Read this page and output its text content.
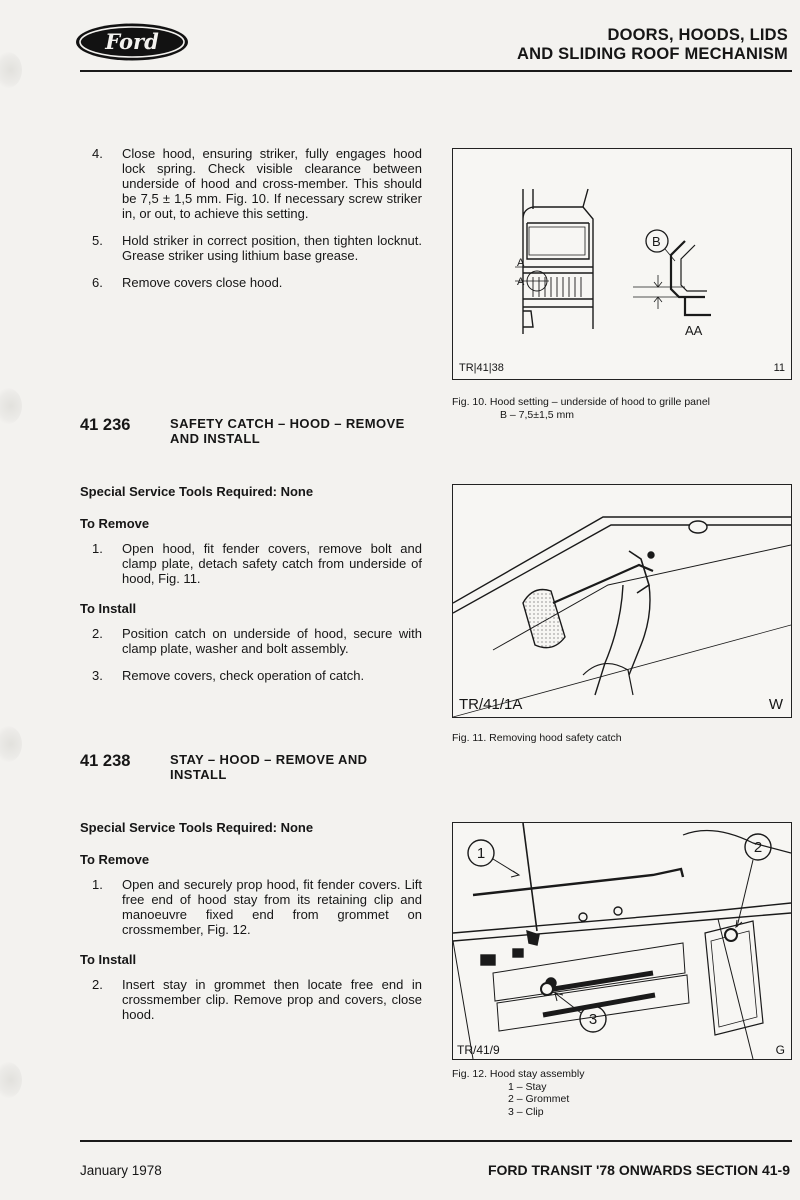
Ford	DOORS, HOODS, LIDS
AND SLIDING ROOF MECHANISM
4. Close hood, ensuring striker, fully engages hood lock spring. Check visible clearance between underside of hood and cross-member. This should be 7,5 ± 1,5 mm. Fig. 10. If necessary screw striker in, or out, to achieve this setting.
5. Hold striker in correct position, then tighten locknut. Grease striker using lithium base grease.
6. Remove covers close hood.
41 236	SAFETY CATCH – HOOD – REMOVE AND INSTALL
Special Service Tools Required: None
To Remove
1. Open hood, fit fender covers, remove bolt and clamp plate, detach safety catch from underside of hood, Fig. 11.
To Install
2. Position catch on underside of hood, secure with clamp plate, washer and bolt assembly.
3. Remove covers, check operation of catch.
41 238	STAY – HOOD – REMOVE AND INSTALL
Special Service Tools Required: None
To Remove
1. Open and securely prop hood, fit fender covers. Lift free end of hood stay from its retaining clip and manoeuvre fixed end from grommet on crossmember, Fig. 12.
To Install
2. Insert stay in grommet then locate free end in crossmember clip. Remove prop and covers, close hood.
B
AA
A
A
TR|41|38	11
Fig. 10. Hood setting – underside of hood to grille panel
B – 7,5±1,5 mm
TR/41/1A	W
Fig. 11. Removing hood safety catch
1	2
3
TR/41/9	G
Fig. 12. Hood stay assembly
1 – Stay
2 – Grommet
3 – Clip
January 1978	FORD TRANSIT '78 ONWARDS SECTION 41-9
